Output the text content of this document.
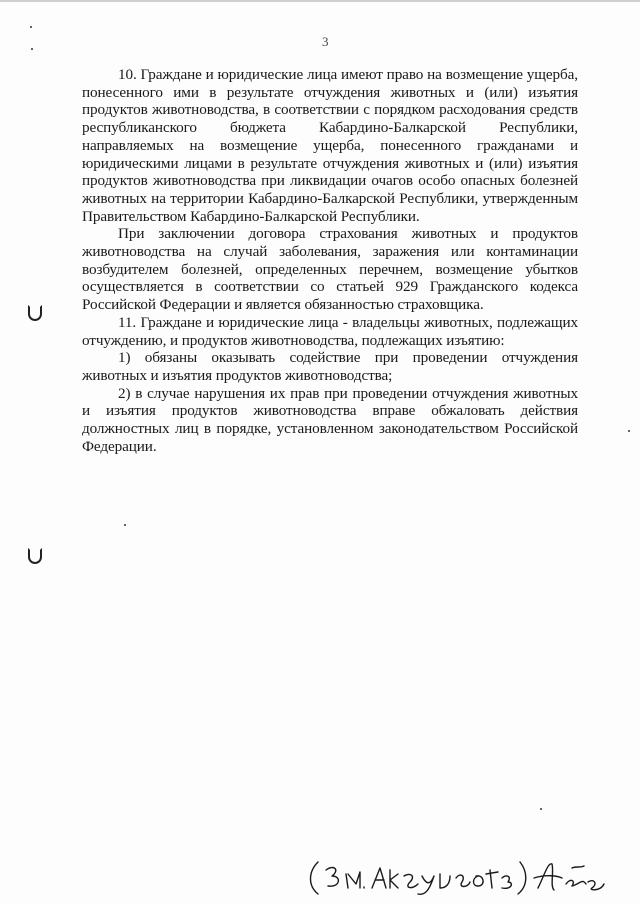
3

10. Граждане и юридические лица имеют право на возмещение ущерба, понесенного ими в результате отчуждения животных и (или) изъятия продуктов животноводства, в соответствии с порядком расходования средств республиканского бюджета Кабардино-Балкарской Республики, направляемых на возмещение ущерба, понесенного гражданами и юридическими лицами в результате отчуждения животных и (или) изъятия продуктов животноводства при ликвидации очагов особо опасных болезней животных на территории Кабардино-Балкарской Республики, утвержденным Правительством Кабардино-Балкарской Республики.

При заключении договора страхования животных и продуктов животноводства на случай заболевания, заражения или контаминации возбудителем болезней, определенных перечнем, возмещение убытков осуществляется в соответствии со статьей 929 Гражданского кодекса Российской Федерации и является обязанностью страховщика.

11. Граждане и юридические лица - владельцы животных, подлежащих отчуждению, и продуктов животноводства, подлежащих изъятию:

1) обязаны оказывать содействие при проведении отчуждения животных и изъятия продуктов животноводства;

2) в случае нарушения их прав при проведении отчуждения животных и изъятия продуктов животноводства вправе обжаловать действия должностных лиц в порядке, установленном законодательством Российской Федерации.
